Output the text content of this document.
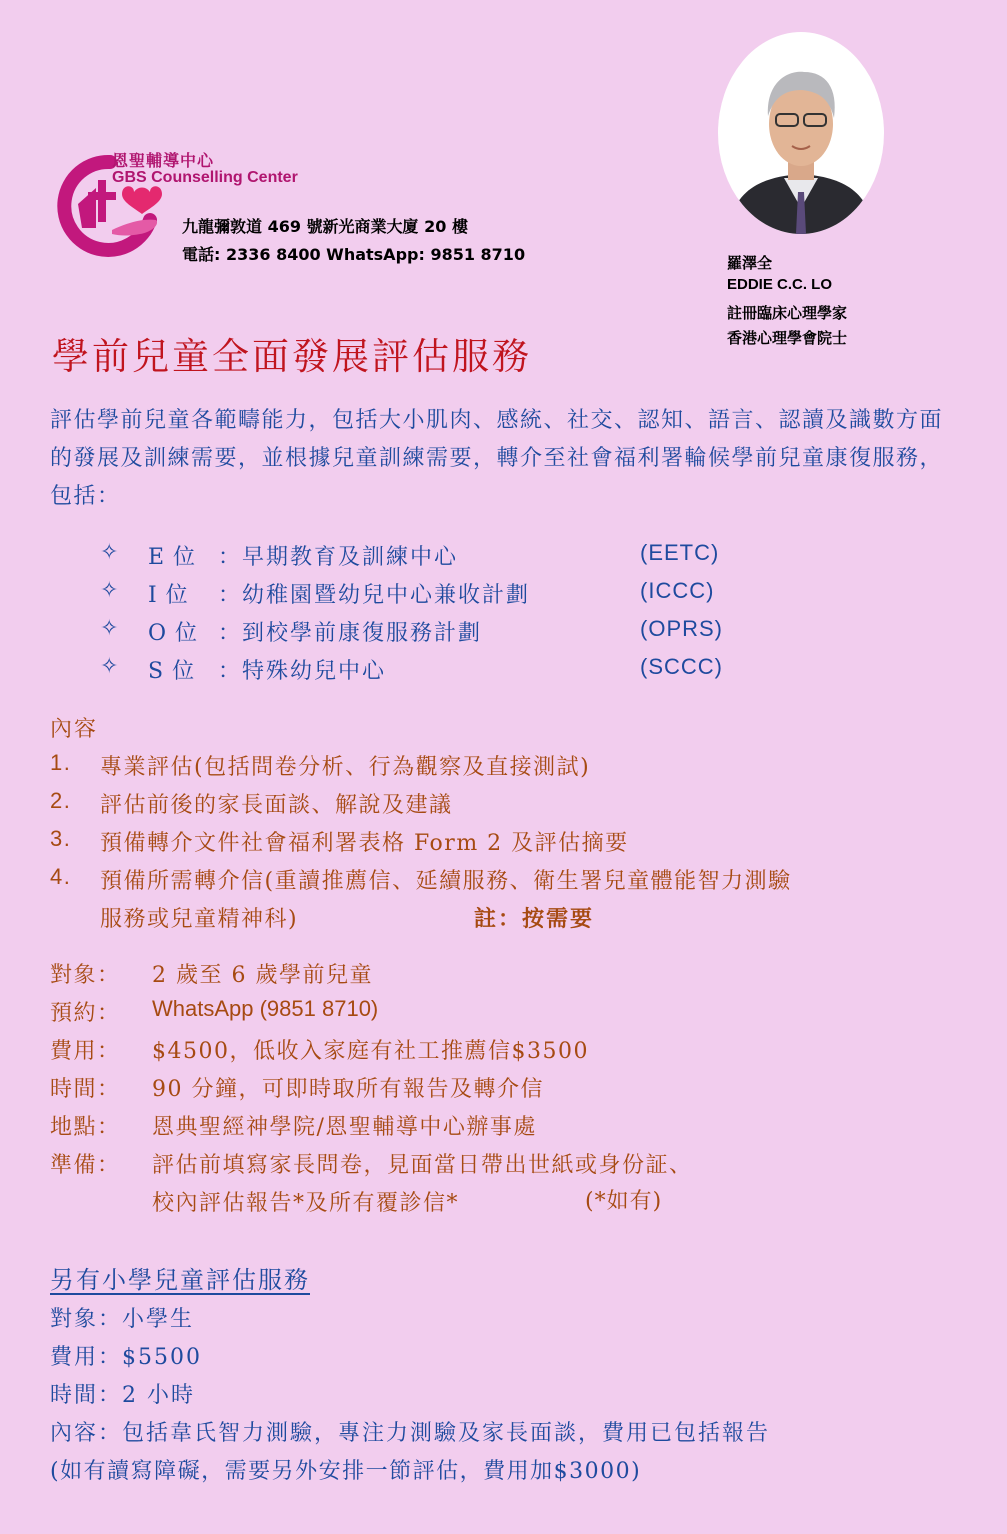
恩聖輔導中心
GBS Counselling Center
九龍彌敦道 469 號新光商業大廈 20 樓
電話: 2336 8400 WhatsApp: 9851 8710	羅澤全
EDDIE C.C. LO
註冊臨床心理學家
香港心理學會院士
學前兒童全面發展評估服務
評估學前兒童各範疇能力，包括大小肌肉、感統、社交、認知、語言、認讀及識數方面的發展及訓練需要，並根據兒童訓練需要，轉介至社會福利署輪候學前兒童康復服務，包括：
✧ E 位 ：早期教育及訓練中心	(EETC)
✧ I 位 ：幼稚園暨幼兒中心兼收計劃	(ICCC)
✧ O 位 ：到校學前康復服務計劃	(OPRS)
✧ S 位 ：特殊幼兒中心	(SCCC)
內容
1. 專業評估(包括問卷分析、行為觀察及直接測試)
2. 評估前後的家長面談、解說及建議
3. 預備轉介文件社會福利署表格 Form 2 及評估摘要
4. 預備所需轉介信(重讀推薦信、延續服務、衛生署兒童體能智力測驗
服務或兒童精神科)	註：按需要
對象： 2 歲至 6 歲學前兒童
預約： WhatsApp (9851 8710)
費用： $4500，低收入家庭有社工推薦信$3500
時間： 90 分鐘，可即時取所有報告及轉介信
地點： 恩典聖經神學院/恩聖輔導中心辦事處
準備： 評估前填寫家長問卷，見面當日帶出世紙或身份証、
校內評估報告*及所有覆診信*	(*如有)
另有小學兒童評估服務
對象：小學生
費用：$5500
時間：2 小時
內容：包括韋氏智力測驗，專注力測驗及家長面談，費用已包括報告
(如有讀寫障礙，需要另外安排一節評估，費用加$3000)
